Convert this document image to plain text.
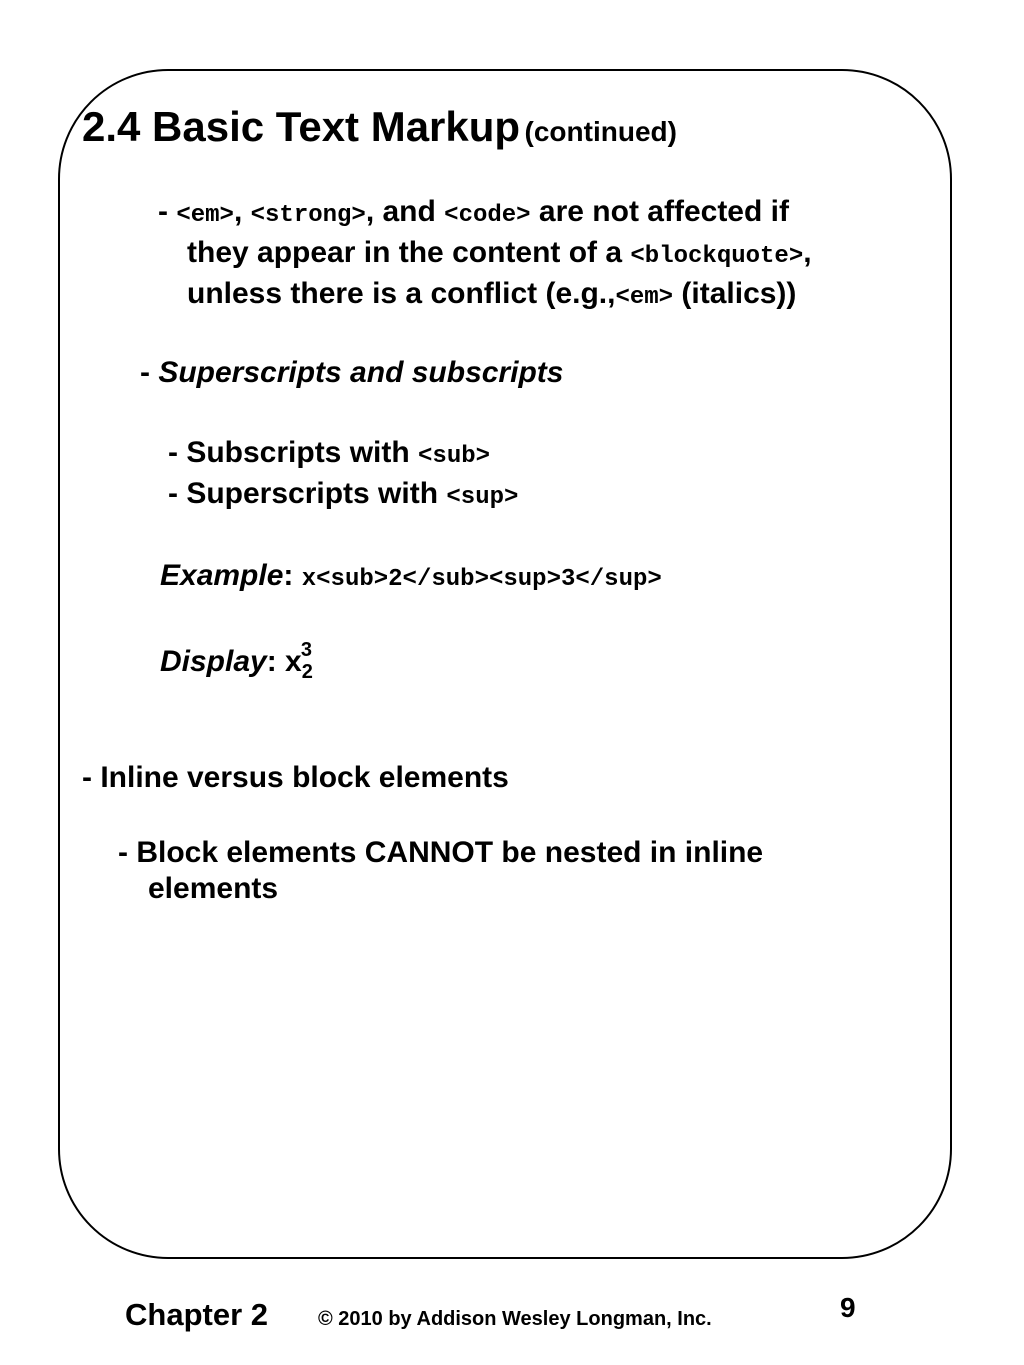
2.4 Basic Text Markup (continued)
- <em>, <strong>, and <code> are not affected if
they appear in the content of a <blockquote>,
unless there is a conflict (e.g.,<em> (italics))
- Superscripts and subscripts
- Subscripts with <sub>
- Superscripts with <sup>
Example: x<sub>2</sub><sup>3</sup>
Display: $x_2^3$
- Inline versus block elements
- Block elements CANNOT be nested in inline
elements
Chapter 2	© 2010 by Addison Wesley Longman, Inc.	9
